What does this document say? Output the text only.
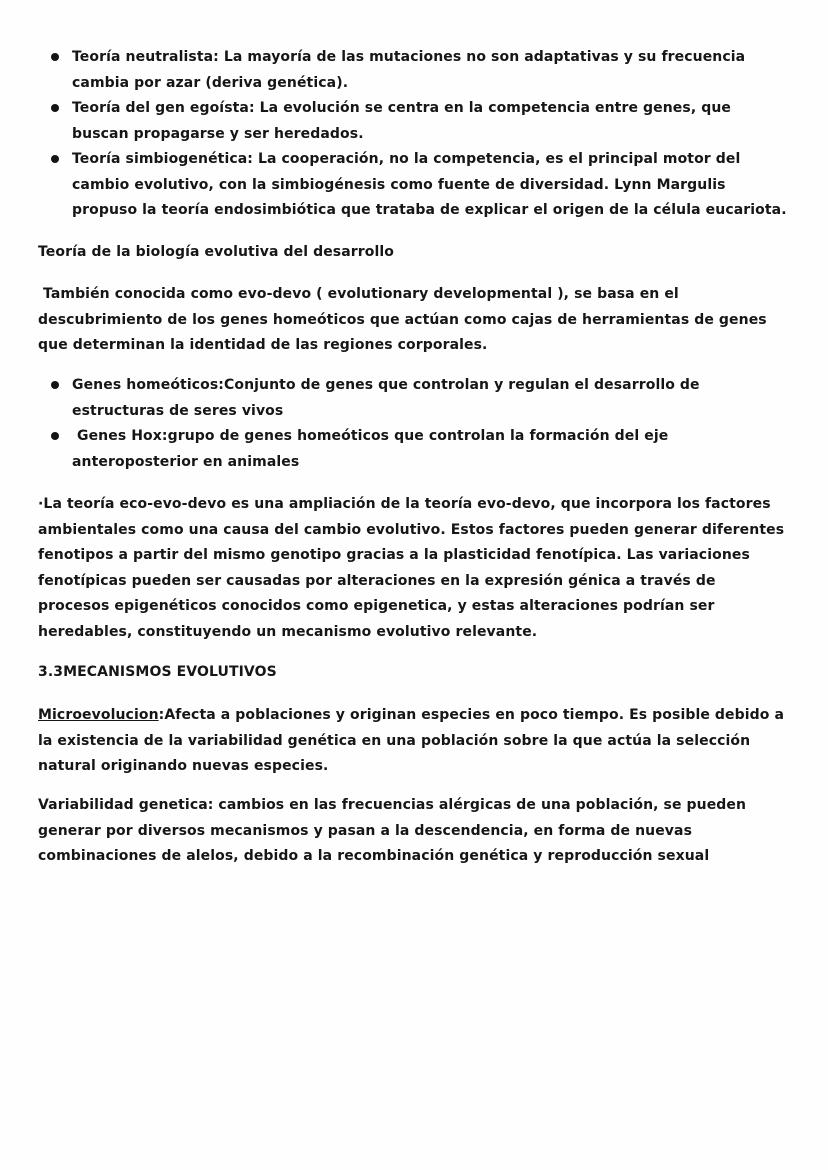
Teoría neutralista: La mayoría de las mutaciones no son adaptativas y su frecuencia cambia por azar (deriva genética).
Teoría del gen egoísta: La evolución se centra en la competencia entre genes, que buscan propagarse y ser heredados.
Teoría simbiogenética: La cooperación, no la competencia, es el principal motor del cambio evolutivo, con la simbiogénesis como fuente de diversidad. Lynn Margulis propuso la teoría endosimbiótica que trataba de explicar el origen de la célula eucariota.
Teoría de la biología evolutiva del desarrollo
También conocida como evo-devo ( evolutionary developmental ), se basa en el descubrimiento de los genes homeóticos que actúan como cajas de herramientas de genes que determinan la identidad de las regiones corporales.
Genes homeóticos:Conjunto de genes que controlan y regulan el desarrollo de estructuras de seres vivos
Genes Hox:grupo de genes homeóticos que controlan la formación del eje anteroposterior en animales
·La teoría eco-evo-devo es una ampliación de la teoría evo-devo, que incorpora los factores ambientales como una causa del cambio evolutivo. Estos factores pueden generar diferentes fenotipos a partir del mismo genotipo gracias a la plasticidad fenotípica. Las variaciones fenotípicas pueden ser causadas por alteraciones en la expresión génica a través de procesos epigenéticos conocidos como epigenetica, y estas alteraciones podrían ser heredables, constituyendo un mecanismo evolutivo relevante.
3.3MECANISMOS EVOLUTIVOS
Microevolucion:Afecta a poblaciones y originan especies en poco tiempo. Es posible debido a la existencia de la variabilidad genética en una población sobre la que actúa la selección natural originando nuevas especies.
Variabilidad genetica: cambios en las frecuencias alérgicas de una población, se pueden generar por diversos mecanismos y pasan a la descendencia, en forma de nuevas combinaciones de alelos, debido a la recombinación genética y reproducción sexual
